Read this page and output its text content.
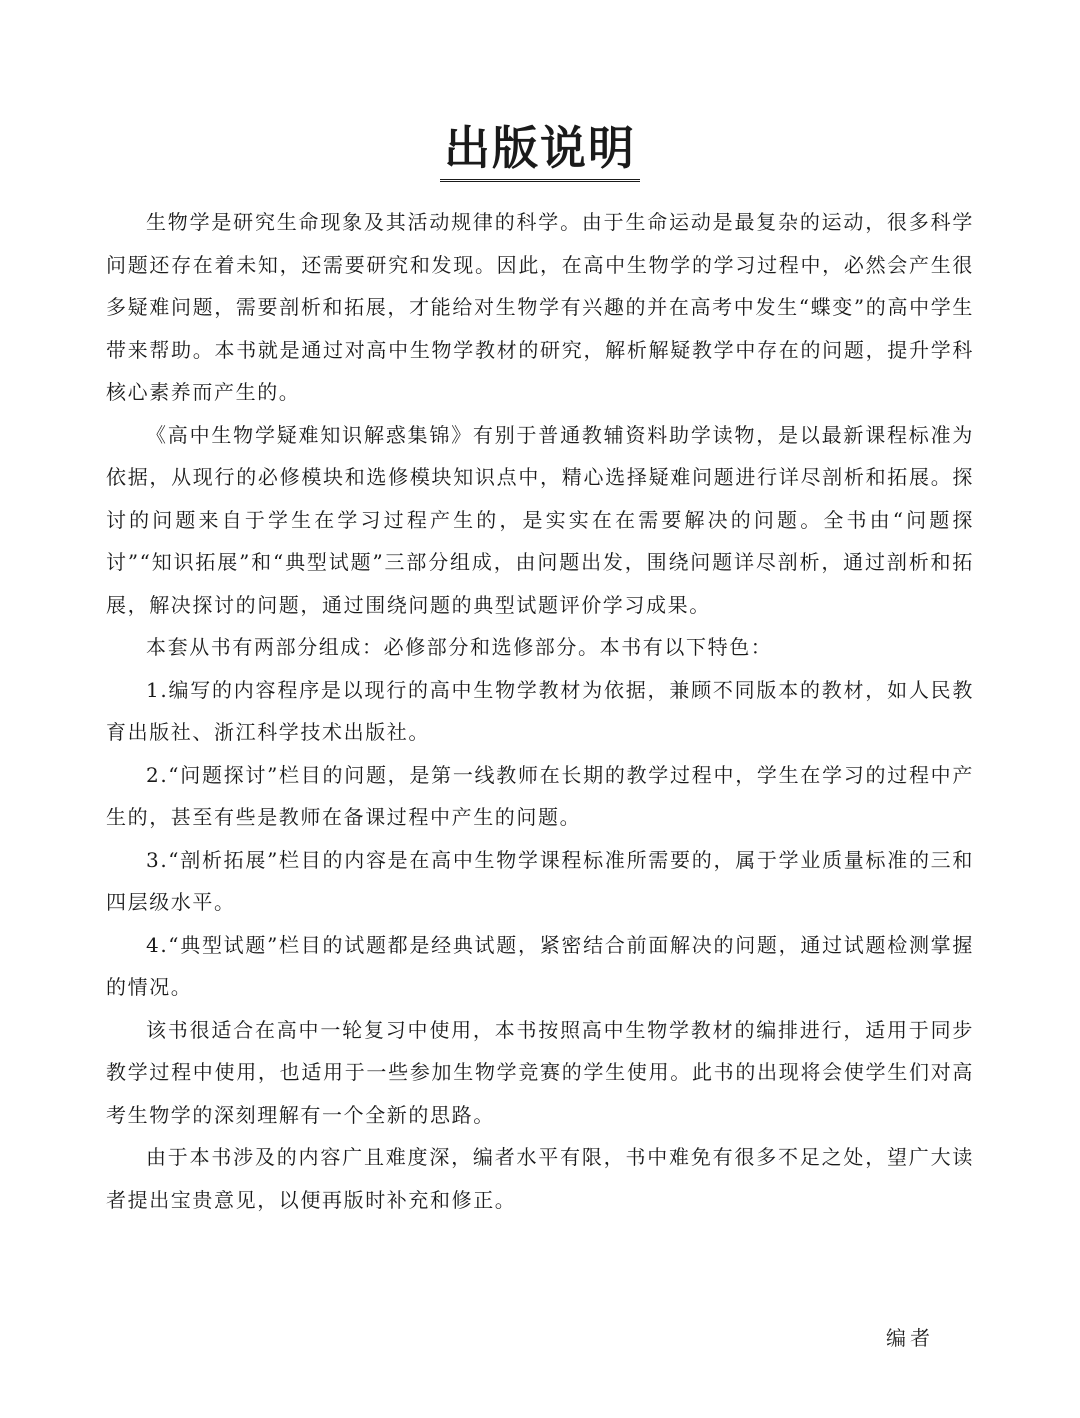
出版说明

生物学是研究生命现象及其活动规律的科学。由于生命运动是最复杂的运动，很多科学问题还存在着未知，还需要研究和发现。因此，在高中生物学的学习过程中，必然会产生很多疑难问题，需要剖析和拓展，才能给对生物学有兴趣的并在高考中发生“蝶变”的高中学生带来帮助。本书就是通过对高中生物学教材的研究，解析解疑教学中存在的问题，提升学科核心素养而产生的。

《高中生物学疑难知识解惑集锦》有别于普通教辅资料助学读物，是以最新课程标准为依据，从现行的必修模块和选修模块知识点中，精心选择疑难问题进行详尽剖析和拓展。探讨的问题来自于学生在学习过程产生的，是实实在在需要解决的问题。全书由“问题探讨”“知识拓展”和“典型试题”三部分组成，由问题出发，围绕问题详尽剖析，通过剖析和拓展，解决探讨的问题，通过围绕问题的典型试题评价学习成果。

本套从书有两部分组成：必修部分和选修部分。本书有以下特色：

1.编写的内容程序是以现行的高中生物学教材为依据，兼顾不同版本的教材，如人民教育出版社、浙江科学技术出版社。

2.“问题探讨”栏目的问题，是第一线教师在长期的教学过程中，学生在学习的过程中产生的，甚至有些是教师在备课过程中产生的问题。

3.“剖析拓展”栏目的内容是在高中生物学课程标准所需要的，属于学业质量标准的三和四层级水平。

4.“典型试题”栏目的试题都是经典试题，紧密结合前面解决的问题，通过试题检测掌握的情况。

该书很适合在高中一轮复习中使用，本书按照高中生物学教材的编排进行，适用于同步教学过程中使用，也适用于一些参加生物学竞赛的学生使用。此书的出现将会使学生们对高考生物学的深刻理解有一个全新的思路。

由于本书涉及的内容广且难度深，编者水平有限，书中难免有很多不足之处，望广大读者提出宝贵意见，以便再版时补充和修正。

编者
